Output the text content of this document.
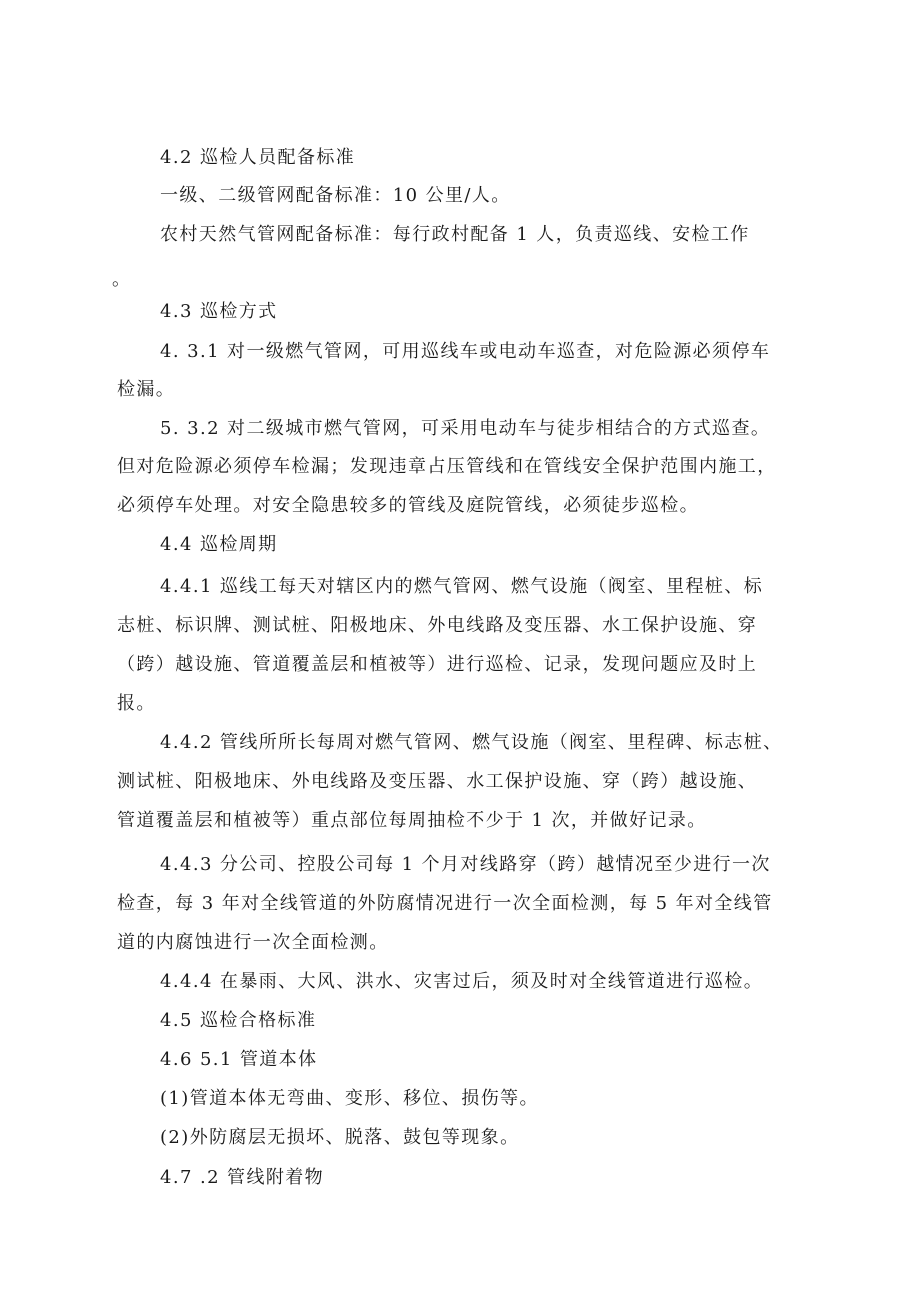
4.2 巡检人员配备标准
一级、二级管网配备标准：10 公里/人。
农村天然气管网配备标准：每行政村配备 1 人，负责巡线、安检工作
。
4.3 巡检方式
4. 3.1 对一级燃气管网，可用巡线车或电动车巡查，对危险源必须停车
检漏。
5. 3.2 对二级城市燃气管网，可采用电动车与徒步相结合的方式巡查。
但对危险源必须停车检漏；发现违章占压管线和在管线安全保护范围内施工，
必须停车处理。对安全隐患较多的管线及庭院管线，必须徒步巡检。
4.4 巡检周期
4.4.1 巡线工每天对辖区内的燃气管网、燃气设施（阀室、里程桩、标
志桩、标识牌、测试桩、阳极地床、外电线路及变压器、水工保护设施、穿
（跨）越设施、管道覆盖层和植被等）进行巡检、记录，发现问题应及时上
报。
4.4.2 管线所所长每周对燃气管网、燃气设施（阀室、里程碑、标志桩、
测试桩、阳极地床、外电线路及变压器、水工保护设施、穿（跨）越设施、
管道覆盖层和植被等）重点部位每周抽检不少于 1 次，并做好记录。
4.4.3 分公司、控股公司每 1 个月对线路穿（跨）越情况至少进行一次
检查，每 3 年对全线管道的外防腐情况进行一次全面检测，每 5 年对全线管
道的内腐蚀进行一次全面检测。
4.4.4 在暴雨、大风、洪水、灾害过后，须及时对全线管道进行巡检。
4.5 巡检合格标准
4.6 5.1 管道本体
(1)管道本体无弯曲、变形、移位、损伤等。
(2)外防腐层无损坏、脱落、鼓包等现象。
4.7 .2 管线附着物
